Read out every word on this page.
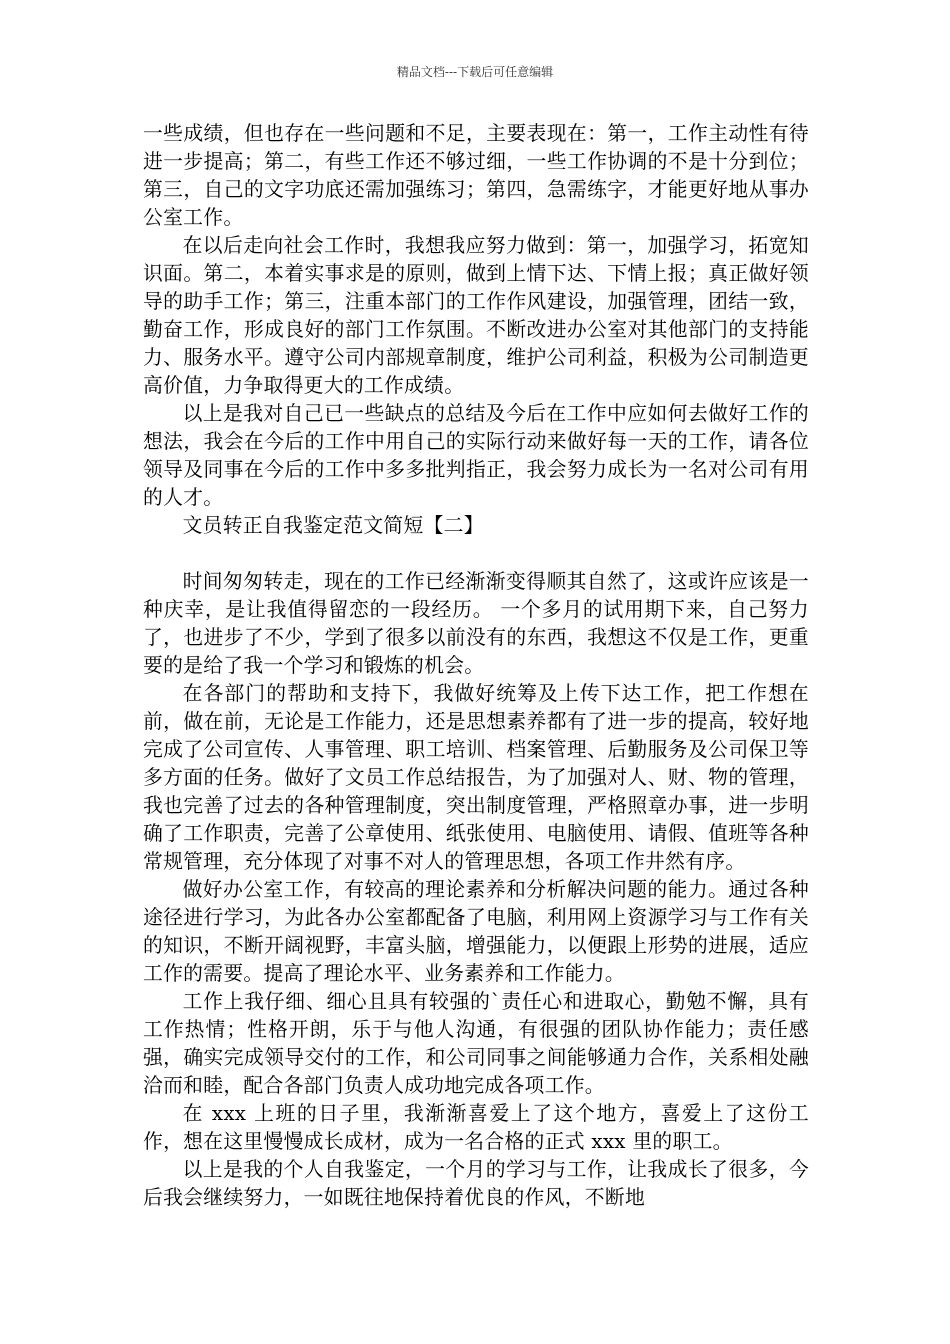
精品文档---下载后可任意编辑

一些成绩，但也存在一些问题和不足，主要表现在：第一，工作主动性有待进一步提高；第二，有些工作还不够过细，一些工作协调的不是十分到位；第三，自己的文字功底还需加强练习；第四，急需练字，才能更好地从事办公室工作。

在以后走向社会工作时，我想我应努力做到：第一，加强学习，拓宽知识面。第二，本着实事求是的原则，做到上情下达、下情上报；真正做好领导的助手工作；第三，注重本部门的工作作风建设，加强管理，团结一致，勤奋工作，形成良好的部门工作氛围。不断改进办公室对其他部门的支持能力、服务水平。遵守公司内部规章制度，维护公司利益，积极为公司制造更高价值，力争取得更大的工作成绩。

以上是我对自己已一些缺点的总结及今后在工作中应如何去做好工作的想法，我会在今后的工作中用自己的实际行动来做好每一天的工作，请各位领导及同事在今后的工作中多多批判指正，我会努力成长为一名对公司有用的人才。

文员转正自我鉴定范文简短【二】

时间匆匆转走，现在的工作已经渐渐变得顺其自然了，这或许应该是一种庆幸，是让我值得留恋的一段经历。 一个多月的试用期下来，自己努力了，也进步了不少，学到了很多以前没有的东西，我想这不仅是工作，更重要的是给了我一个学习和锻炼的机会。

在各部门的帮助和支持下，我做好统筹及上传下达工作，把工作想在前，做在前，无论是工作能力，还是思想素养都有了进一步的提高，较好地完成了公司宣传、人事管理、职工培训、档案管理、后勤服务及公司保卫等多方面的任务。做好了文员工作总结报告，为了加强对人、财、物的管理，我也完善了过去的各种管理制度，突出制度管理，严格照章办事，进一步明确了工作职责，完善了公章使用、纸张使用、电脑使用、请假、值班等各种常规管理，充分体现了对事不对人的管理思想，各项工作井然有序。

做好办公室工作，有较高的理论素养和分析解决问题的能力。通过各种途径进行学习，为此各办公室都配备了电脑，利用网上资源学习与工作有关的知识，不断开阔视野，丰富头脑，增强能力，以便跟上形势的进展，适应工作的需要。提高了理论水平、业务素养和工作能力。

工作上我仔细、细心且具有较强的`责任心和进取心，勤勉不懈，具有工作热情；性格开朗，乐于与他人沟通，有很强的团队协作能力；责任感强，确实完成领导交付的工作，和公司同事之间能够通力合作，关系相处融洽而和睦，配合各部门负责人成功地完成各项工作。

在 xxx 上班的日子里，我渐渐喜爱上了这个地方，喜爱上了这份工作，想在这里慢慢成长成材，成为一名合格的正式 xxx 里的职工。

以上是我的个人自我鉴定，一个月的学习与工作，让我成长了很多，今后我会继续努力，一如既往地保持着优良的作风，不断地
